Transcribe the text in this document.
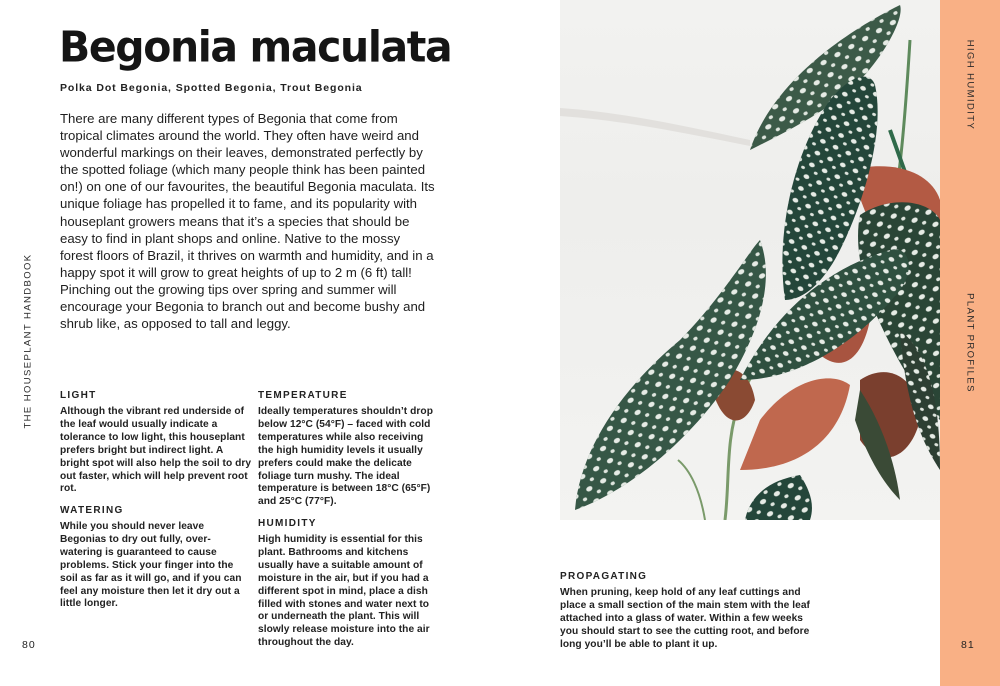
THE HOUSEPLANT HANDBOOK
Begonia maculata
Polka Dot Begonia, Spotted Begonia, Trout Begonia

There are many different types of Begonia that come from tropical climates around the world. They often have weird and wonderful markings on their leaves, demonstrated perfectly by the spotted foliage (which many people think has been painted on!) on one of our favourites, the beautiful Begonia maculata. Its unique foliage has propelled it to fame, and its popularity with houseplant growers means that it’s a species that should be easy to find in plant shops and online. Native to the mossy forest floors of Brazil, it thrives on warmth and humidity, and in a happy spot it will grow to great heights of up to 2 m (6 ft) tall! Pinching out the growing tips over spring and summer will encourage your Begonia to branch out and become bushy and shrub like, as opposed to tall and leggy.

LIGHT

Although the vibrant red underside of the leaf would usually indicate a tolerance to low light, this houseplant prefers bright but indirect light. A bright spot will also help the soil to dry out faster, which will help prevent root rot.

WATERING

While you should never leave Begonias to dry out fully, over-watering is guaranteed to cause problems. Stick your finger into the soil as far as it will go, and if you can feel any moisture then let it dry out a little longer.

TEMPERATURE

Ideally temperatures shouldn’t drop below 12°C (54°F) – faced with cold temperatures while also receiving the high humidity levels it usually prefers could make the delicate foliage turn mushy. The ideal temperature is between 18°C (65°F) and 25°C (77°F).

HUMIDITY

High humidity is essential for this plant. Bathrooms and kitchens usually have a suitable amount of moisture in the air, but if you had a different spot in mind, place a dish filled with stones and water next to or underneath the plant. This will slowly release moisture into the air throughout the day.

80
PROPAGATING

When pruning, keep hold of any leaf cuttings and place a small section of the main stem with the leaf attached into a glass of water. Within a few weeks you should start to see the cutting root, and before long you’ll be able to plant it up.

HIGH HUMIDITY
PLANT PROFILES
81
